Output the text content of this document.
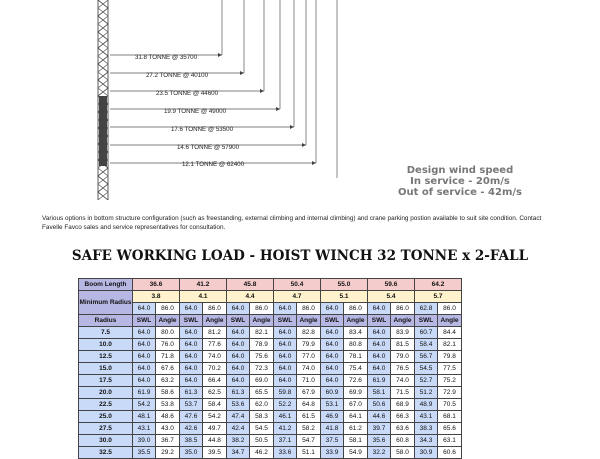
31.8 TONNE @ 35700
27.2 TONNE @ 40100
23.5 TONNE @ 44600
19.9 TONNE @ 49000
17.6 TONNE @ 53500
14.6 TONNE @ 57900
12.1 TONNE @ 62400
Design wind speed
In service - 20m/s
Out of service - 42m/s
Various options in bottom structure configuration (such as freestanding, external climbing and internal climbing) and crane parking postion available to suit site condition. Contact Favelle Favco sales and service representatives for consultation.
SAFE WORKING LOAD - HOIST WINCH 32 TONNE x 2-FALL
Boom Length	36.6		41.2		45.8		50.4		55.0		59.6		64.2	
Minimum Radius	3.8		4.1		4.4		4.7		5.1		5.4		5.7	
	64.0	86.0	64.0	86.0	64.0	86.0	64.0	86.0	64.0	86.0	64.0	86.0	62.8	86.0
Radius	SWL	Angle	SWL	Angle	SWL	Angle	SWL	Angle	SWL	Angle	SWL	Angle	SWL	Angle
7.5	64.0	80.0	64.0	81.2	64.0	82.1	64.0	82.8	64.0	83.4	64.0	83.9	60.7	84.4
10.0	64.0	76.0	64.0	77.6	64.0	78.9	64.0	79.9	64.0	80.8	64.0	81.5	58.4	82.1
12.5	64.0	71.8	64.0	74.0	64.0	75.6	64.0	77.0	64.0	78.1	64.0	79.0	56.7	79.8
15.0	64.0	67.6	64.0	70.2	64.0	72.3	64.0	74.0	64.0	75.4	64.0	76.5	54.5	77.5
17.5	64.0	63.2	64.0	66.4	64.0	69.0	64.0	71.0	64.0	72.6	61.9	74.0	52.7	75.2
20.0	61.9	58.6	61.3	62.5	61.3	65.5	59.8	67.9	60.9	69.9	58.1	71.5	51.2	72.9
22.5	54.2	53.8	53.7	58.4	53.6	62.0	52.2	64.8	53.1	67.0	50.6	68.9	48.9	70.5
25.0	48.1	48.6	47.6	54.2	47.4	58.3	46.1	61.5	46.9	64.1	44.6	66.3	43.1	68.1
27.5	43.1	43.0	42.6	49.7	42.4	54.5	41.2	58.2	41.8	61.2	39.7	63.6	38.3	65.6
30.0	39.0	36.7	38.5	44.8	38.2	50.5	37.1	54.7	37.5	58.1	35.6	60.8	34.3	63.1
32.5	35.5	29.2	35.0	39.5	34.7	46.2	33.6	51.1	33.9	54.9	32.2	58.0	30.9	60.6
